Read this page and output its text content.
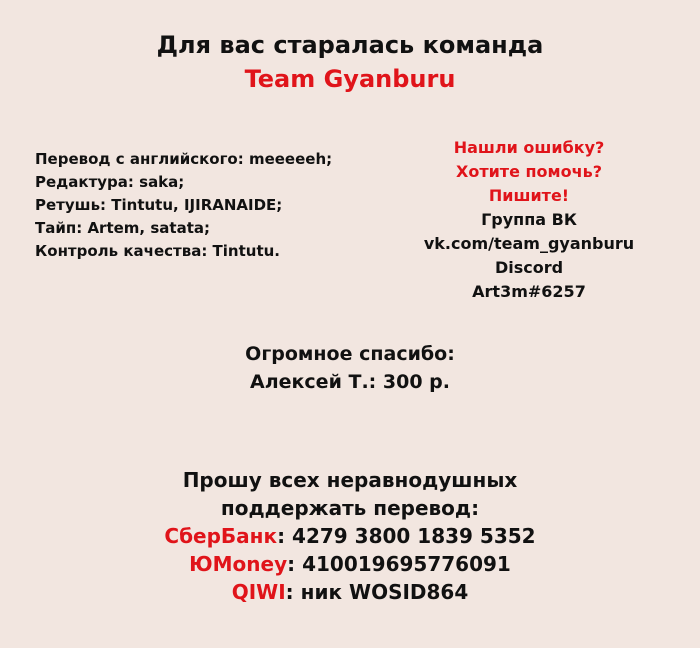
Для вас старалась команда
Team Gyanburu
Перевод с английского: meeeeeh;
Редактура: saka;
Ретушь: Tintutu, IJIRANAIDE;
Тайп: Artem, satata;
Контроль качества: Tintutu.
Нашли ошибку?
Хотите помочь?
Пишите!
Группа ВК
vk.com/team_gyanburu
Discord
Art3m#6257
Огромное спасибо:
Алексей Т.: 300 р.
Прошу всех неравнодушных
поддержать перевод:
СберБанк: 4279 3800 1839 5352
ЮMoney: 410019695776091
QIWI: ник WOSID864
